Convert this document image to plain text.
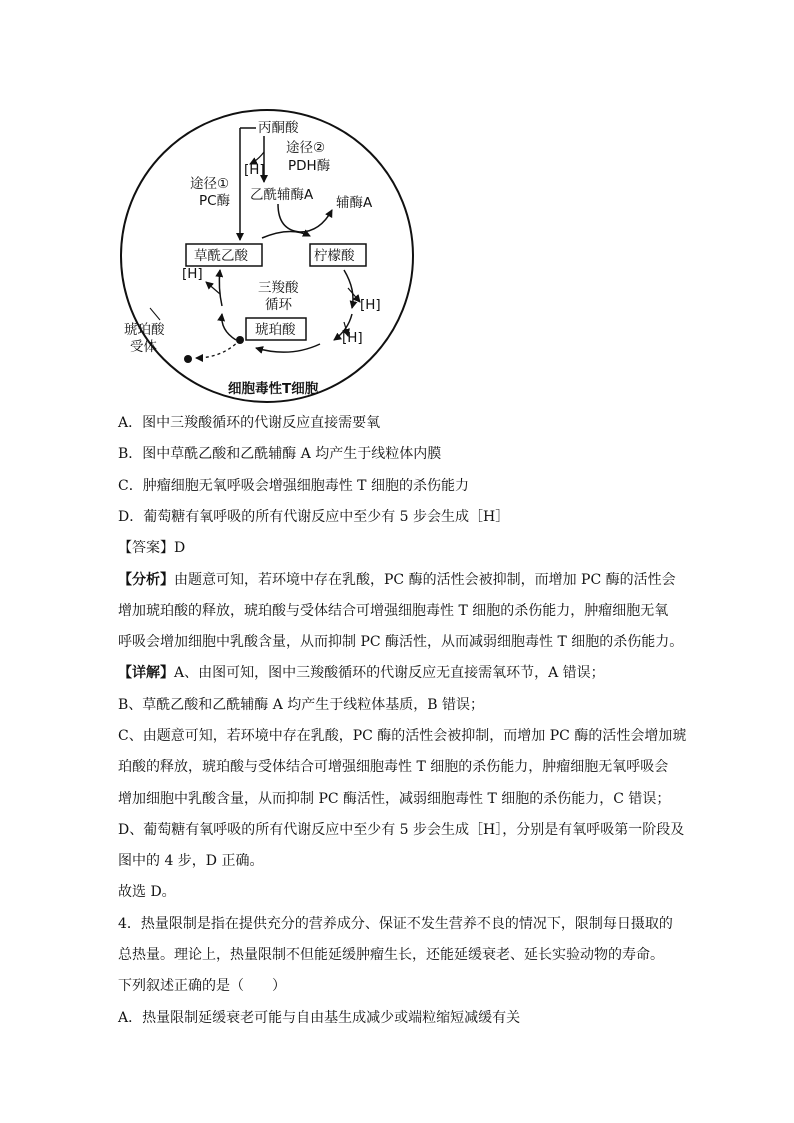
丙酮酸
途径②
[H] PDH酶
途径①
PC酶 乙酰辅酶A 辅酶A
草酰乙酸	柠檬酸
三羧酸
循环	[H]
[H]
琥珀酸
[H]
琥珀酸
受体
细胞毒性T细胞
A．图中三羧酸循环的代谢反应直接需要氧
B．图中草酰乙酸和乙酰辅酶 A 均产生于线粒体内膜
C．肿瘤细胞无氧呼吸会增强细胞毒性 T 细胞的杀伤能力
D．葡萄糖有氧呼吸的所有代谢反应中至少有 5 步会生成［H］
【答案】D
【分析】由题意可知，若环境中存在乳酸，PC 酶的活性会被抑制，而增加 PC 酶的活性会
增加琥珀酸的释放，琥珀酸与受体结合可增强细胞毒性 T 细胞的杀伤能力，肿瘤细胞无氧
呼吸会增加细胞中乳酸含量，从而抑制 PC 酶活性，从而减弱细胞毒性 T 细胞的杀伤能力。
【详解】A、由图可知，图中三羧酸循环的代谢反应无直接需氧环节，A 错误；
B、草酰乙酸和乙酰辅酶 A 均产生于线粒体基质，B 错误；
C、由题意可知，若环境中存在乳酸，PC 酶的活性会被抑制，而增加 PC 酶的活性会增加琥
珀酸的释放，琥珀酸与受体结合可增强细胞毒性 T 细胞的杀伤能力，肿瘤细胞无氧呼吸会
增加细胞中乳酸含量，从而抑制 PC 酶活性，减弱细胞毒性 T 细胞的杀伤能力，C 错误；
D、葡萄糖有氧呼吸的所有代谢反应中至少有 5 步会生成［H］，分别是有氧呼吸第一阶段及
图中的 4 步，D 正确。
故选 D。
4．热量限制是指在提供充分的营养成分、保证不发生营养不良的情况下，限制每日摄取的
总热量。理论上，热量限制不但能延缓肿瘤生长，还能延缓衰老、延长实验动物的寿命。
下列叙述正确的是（　　）
A．热量限制延缓衰老可能与自由基生成减少或端粒缩短减缓有关
